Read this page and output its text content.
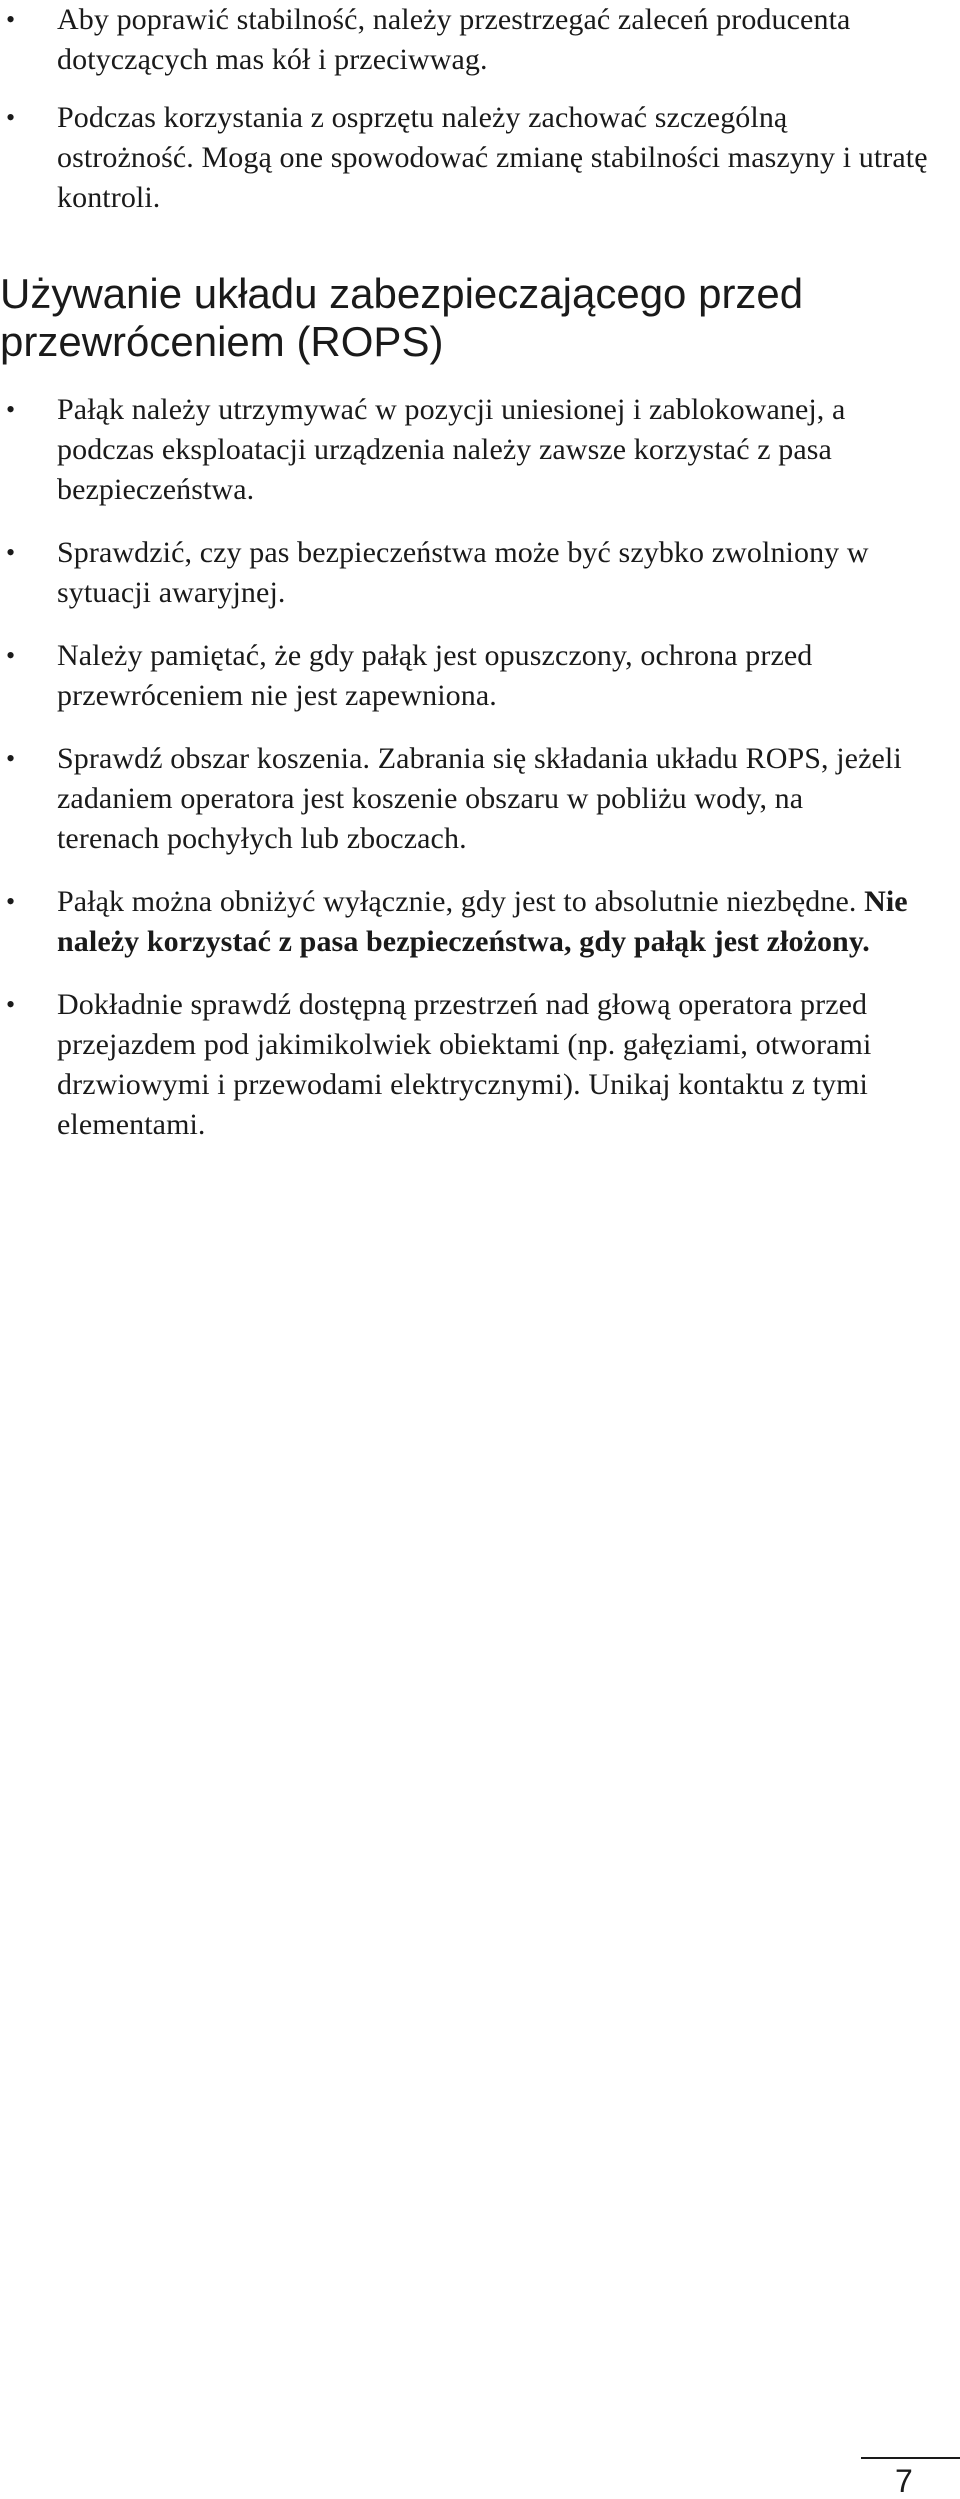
• Aby poprawić stabilność, należy przestrzegać zaleceń producenta dotyczących mas kół i przeciwwag.
• Podczas korzystania z osprzętu należy zachować szczególną ostrożność. Mogą one spowodować zmianę stabilności maszyny i utratę kontroli.
Używanie układu zabezpieczającego przed przewróceniem (ROPS)
• Pałąk należy utrzymywać w pozycji uniesionej i zablokowanej, a podczas eksploatacji urządzenia należy zawsze korzystać z pasa bezpieczeństwa.
• Sprawdzić, czy pas bezpieczeństwa może być szybko zwolniony w sytuacji awaryjnej.
• Należy pamiętać, że gdy pałąk jest opuszczony, ochrona przed przewróceniem nie jest zapewniona.
• Sprawdź obszar koszenia. Zabrania się składania układu ROPS, jeżeli zadaniem operatora jest koszenie obszaru w pobliżu wody, na terenach pochyłych lub zboczach.
• Pałąk można obniżyć wyłącznie, gdy jest to absolutnie niezbędne. Nie należy korzystać z pasa bezpieczeństwa, gdy pałąk jest złożony.
• Dokładnie sprawdź dostępną przestrzeń nad głową operatora przed przejazdem pod jakimikolwiek obiektami (np. gałęziami, otworami drzwiowymi i przewodami elektrycznymi). Unikaj kontaktu z tymi elementami.
7
